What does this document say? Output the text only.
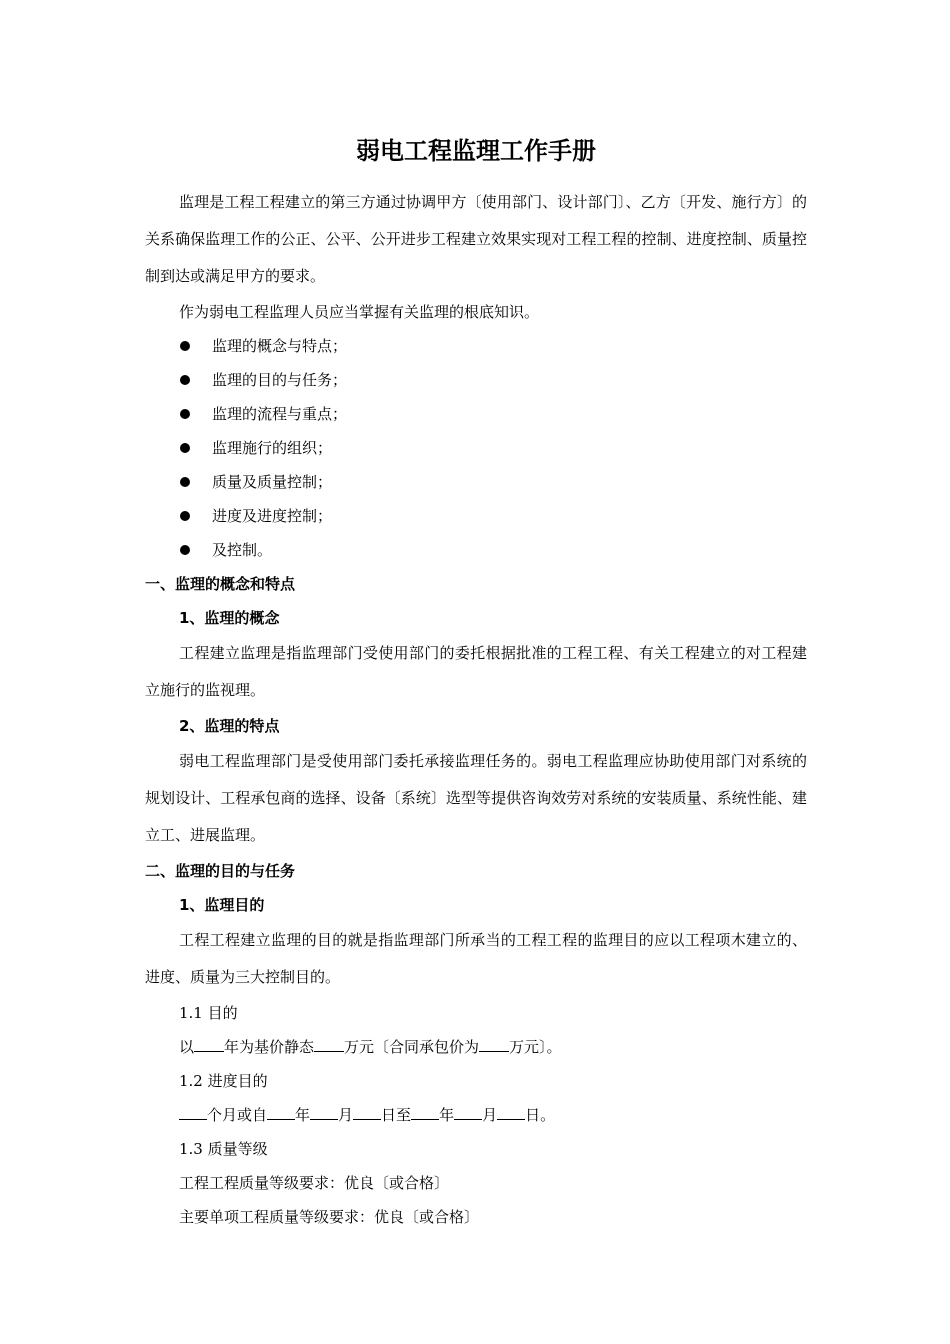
弱电工程监理工作手册

监理是工程工程建立的第三方通过协调甲方〔使用部门、设计部门〕、乙方〔开发、施行方〕的关系确保监理工作的公正、公平、公开进步工程建立效果实现对工程工程的控制、进度控制、质量控制到达或满足甲方的要求。

作为弱电工程监理人员应当掌握有关监理的根底知识。

监理的概念与特点；
监理的目的与任务；
监理的流程与重点；
监理施行的组织；
质量及质量控制；
进度及进度控制；
及控制。
一、监理的概念和特点
1、监理的概念

工程建立监理是指监理部门受使用部门的委托根据批准的工程工程、有关工程建立的对工程建立施行的监视理。

2、监理的特点

弱电工程监理部门是受使用部门委托承接监理任务的。弱电工程监理应协助使用部门对系统的规划设计、工程承包商的选择、设备〔系统〕选型等提供咨询效劳对系统的安装质量、系统性能、建立工、进展监理。

二、监理的目的与任务
1、监理目的

工程工程建立监理的目的就是指监理部门所承当的工程工程的监理目的应以工程项木建立的、进度、质量为三大控制目的。

1.1 目的
以 年为基价静态 万元〔合同承包价为 万元〕。
1.2 进度目的
个月或自 年 月 日至 年 月 日。
1.3 质量等级
工程工程质量等级要求：优良〔或合格〕
主要单项工程质量等级要求：优良〔或合格〕
